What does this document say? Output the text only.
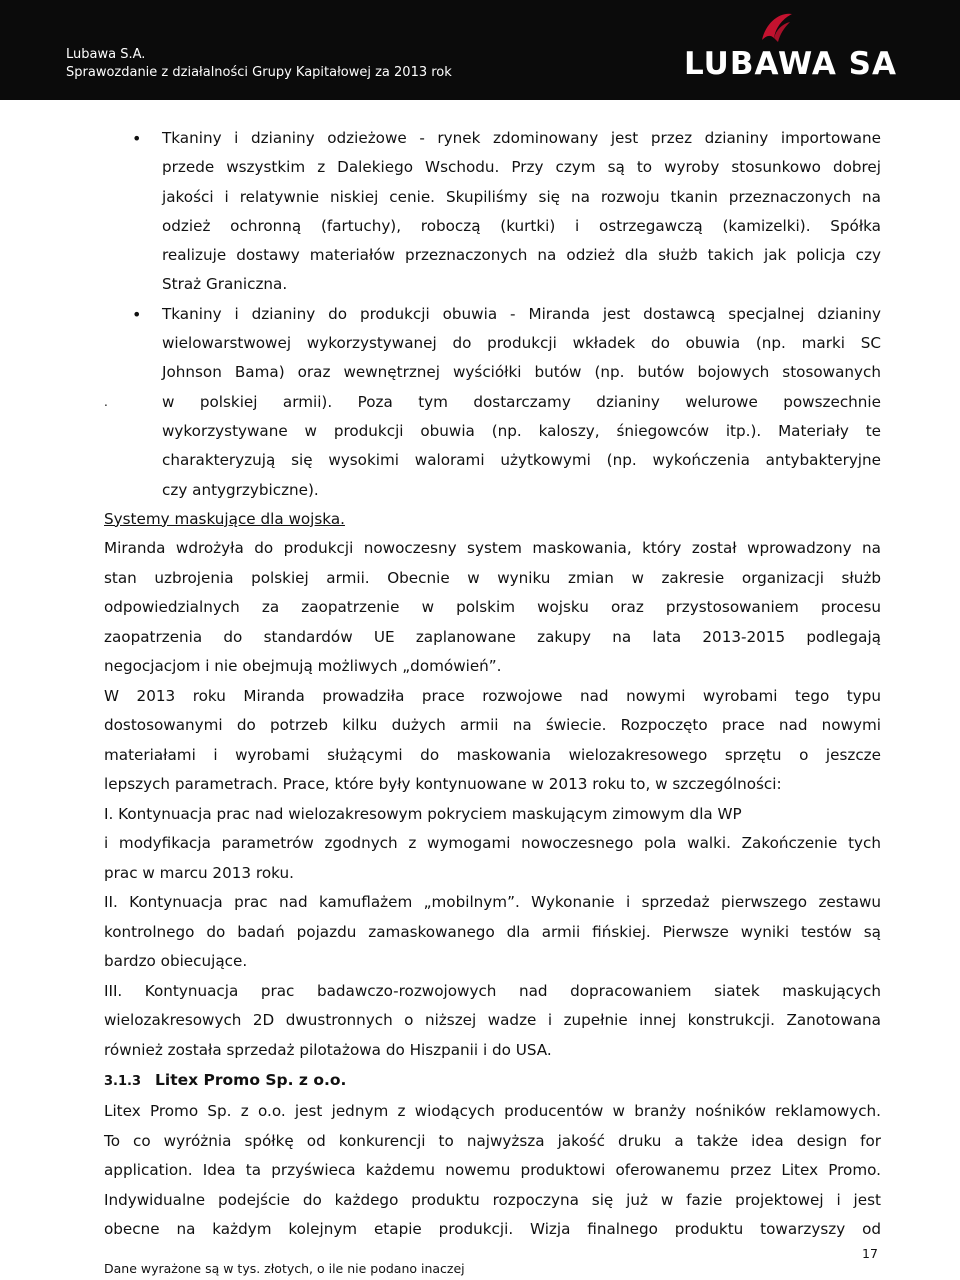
Lubawa S.A.
Sprawozdanie z działalności Grupy Kapitałowej za 2013 rok	LUBAWA SA
• Tkaniny i dzianiny odzieżowe - rynek zdominowany jest przez dzianiny importowane
przede wszystkim z Dalekiego Wschodu. Przy czym są to wyroby stosunkowo dobrej
jakości i relatywnie niskiej cenie. Skupiliśmy się na rozwoju tkanin przeznaczonych na
odzież ochronną (fartuchy), roboczą (kurtki) i ostrzegawczą (kamizelki). Spółka
realizuje dostawy materiałów przeznaczonych na odzież dla służb takich jak policja czy
Straż Graniczna.

•
.

Tkaniny i dzianiny do produkcji obuwia - Miranda jest dostawcą specjalnej dzianiny
wielowarstwowej wykorzystywanej do produkcji wkładek do obuwia (np. marki SC
Johnson Bama) oraz wewnętrznej wyściółki butów (np. butów bojowych stosowanych
w polskiej armii). Poza tym dostarczamy dzianiny welurowe powszechnie
wykorzystywane w produkcji obuwia (np. kaloszy, śniegowców itp.). Materiały te
charakteryzują się wysokimi walorami użytkowymi (np. wykończenia antybakteryjne
czy antygrzybiczne).

Systemy maskujące dla wojska.

Miranda wdrożyła do produkcji nowoczesny system maskowania, który został wprowadzony na
stan uzbrojenia polskiej armii. Obecnie w wyniku zmian w zakresie organizacji służb
odpowiedzialnych za zaopatrzenie w polskim wojsku oraz przystosowaniem procesu
zaopatrzenia do standardów UE zaplanowane zakupy na lata 2013-2015 podlegają
negocjacjom i nie obejmują możliwych „domówień”.

W 2013 roku Miranda prowadziła prace rozwojowe nad nowymi wyrobami tego typu
dostosowanymi do potrzeb kilku dużych armii na świecie. Rozpoczęto prace nad nowymi
materiałami i wyrobami służącymi do maskowania wielozakresowego sprzętu o jeszcze
lepszych parametrach. Prace, które były kontynuowane w 2013 roku to, w szczególności:

I. Kontynuacja prac nad wielozakresowym pokryciem maskującym zimowym dla WP
i modyfikacja parametrów zgodnych z wymogami nowoczesnego pola walki. Zakończenie tych
prac w marcu 2013 roku.

II. Kontynuacja prac nad kamuflażem „mobilnym”. Wykonanie i sprzedaż pierwszego zestawu
kontrolnego do badań pojazdu zamaskowanego dla armii fińskiej. Pierwsze wyniki testów są
bardzo obiecujące.

III. Kontynuacja prac badawczo-rozwojowych nad dopracowaniem siatek maskujących
wielozakresowych 2D dwustronnych o niższej wadze i zupełnie innej konstrukcji. Zanotowana
również została sprzedaż pilotażowa do Hiszpanii i do USA.

3.1.3 Litex Promo Sp. z o.o.

Litex Promo Sp. z o.o. jest jednym z wiodących producentów w branży nośników reklamowych.
To co wyróżnia spółkę od konkurencji to najwyższa jakość druku a także idea design for
application. Idea ta przyświeca każdemu nowemu produktowi oferowanemu przez Litex Promo.
Indywidualne podejście do każdego produktu rozpoczyna się już w fazie projektowej i jest
obecne na każdym kolejnym etapie produkcji. Wizja finalnego produktu towarzyszy od

17
Dane wyrażone są w tys. złotych, o ile nie podano inaczej
